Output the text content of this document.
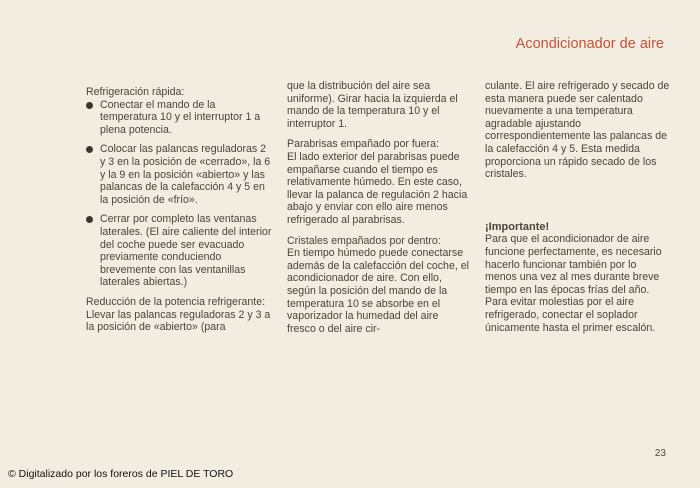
Acondicionador de aire

Refrigeración rápida:

Conectar el mando de la temperatura 10 y el interruptor 1 a plena potencia.
Colocar las palancas reguladoras 2 y 3 en la posición de «cerrado», la 6 y la 9 en la posición «abierto» y las palancas de la calefacción 4 y 5 en la posición de «frío».
Cerrar por completo las ventanas laterales. (El aire caliente del interior del coche puede ser evacuado previamente conduciendo brevemente con las ventanillas laterales abiertas.)

Reducción de la potencia refrigerante:

Llevar las palancas reguladoras 2 y 3 a la posición de «abierto» (para

que la distribución del aire sea uniforme). Girar hacia la izquierda el mando de la temperatura 10 y el interruptor 1.

Parabrisas empañado por fuera:

El lado exterior del parabrisas puede empañarse cuando el tiempo es relativamente húmedo. En este caso, llevar la palanca de regulación 2 hacia abajo y enviar con ello aire menos refrigerado al parabrisas.

Cristales empañados por dentro:

En tiempo húmedo puede conectarse además de la calefacción del coche, el acondicionador de aire. Con ello, según la posición del mando de la temperatura 10 se absorbe en el vaporizador la humedad del aire fresco o del aire cir-

culante. El aire refrigerado y secado de esta manera puede ser calentado nuevamente a una temperatura agradable ajustando correspondientemente las palancas de la calefacción 4 y 5. Esta medida proporciona un rápido secado de los cristales.

¡Importante!

Para que el acondicionador de aire funcione perfectamente, es necesario hacerlo funcionar también por lo menos una vez al mes durante breve tiempo en las épocas frías del año. Para evitar molestias por el aire refrigerado, conectar el soplador únicamente hasta el primer escalón.

23
© Digitalizado por los foreros de PIEL DE TORO
